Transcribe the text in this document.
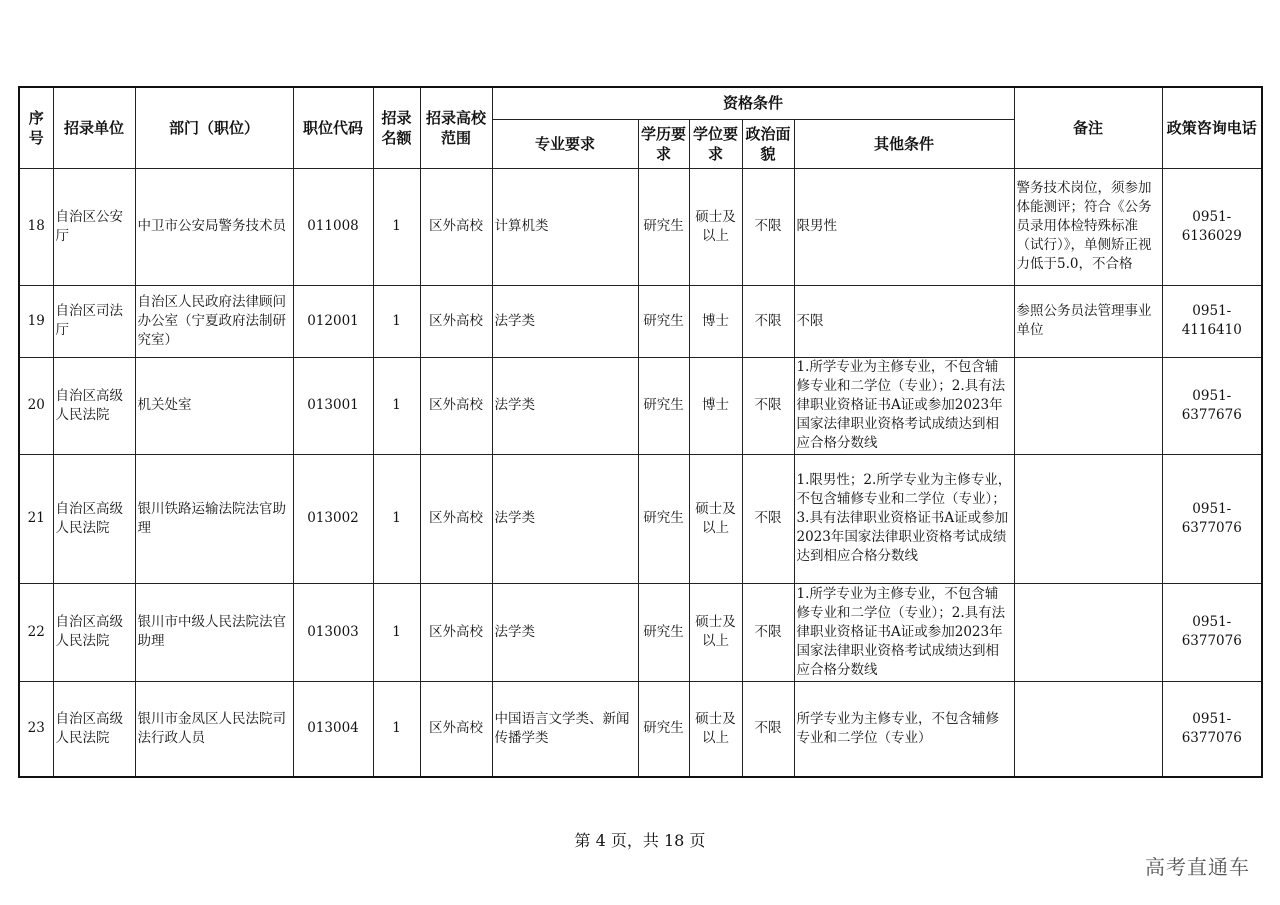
序号	招录单位	部门（职位）	职位代码	招录名额	招录高校范围	资格条件					备注	政策咨询电话
						专业要求	学历要求	学位要求	政治面貌	其他条件		
18	自治区公安厅	中卫市公安局警务技术员	011008	1	区外高校	计算机类	研究生	硕士及以上	不限	限男性	警务技术岗位，须参加体能测评；符合《公务员录用体检特殊标准（试行）》，单侧矫正视力低于5.0，不合格	0951-6136029
19	自治区司法厅	自治区人民政府法律顾问办公室（宁夏政府法制研究室）	012001	1	区外高校	法学类	研究生	博士	不限	不限	参照公务员法管理事业单位	0951-4116410
20	自治区高级人民法院	机关处室	013001	1	区外高校	法学类	研究生	博士	不限	1.所学专业为主修专业，不包含辅修专业和二学位（专业）；2.具有法律职业资格证书A证或参加2023年国家法律职业资格考试成绩达到相应合格分数线		0951-6377676
21	自治区高级人民法院	银川铁路运输法院法官助理	013002	1	区外高校	法学类	研究生	硕士及以上	不限	1.限男性；2.所学专业为主修专业，不包含辅修专业和二学位（专业）；3.具有法律职业资格证书A证或参加2023年国家法律职业资格考试成绩达到相应合格分数线		0951-6377076
22	自治区高级人民法院	银川市中级人民法院法官助理	013003	1	区外高校	法学类	研究生	硕士及以上	不限	1.所学专业为主修专业，不包含辅修专业和二学位（专业）；2.具有法律职业资格证书A证或参加2023年国家法律职业资格考试成绩达到相应合格分数线		0951-6377076
23	自治区高级人民法院	银川市金凤区人民法院司法行政人员	013004	1	区外高校	中国语言文学类、新闻传播学类	研究生	硕士及以上	不限	所学专业为主修专业，不包含辅修专业和二学位（专业）		0951-6377076
第 4 页，共 18 页
高考直通车
